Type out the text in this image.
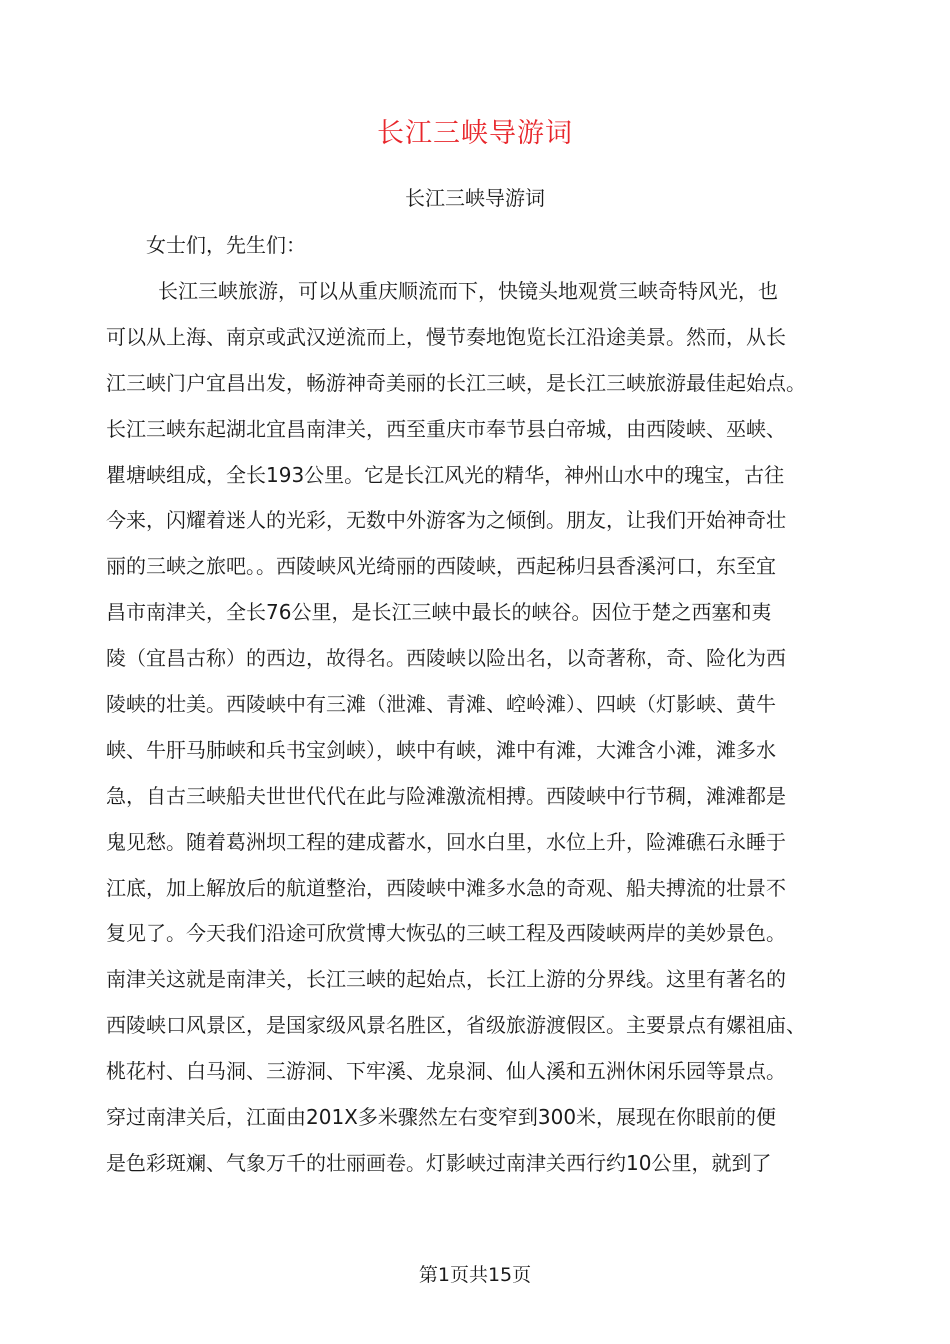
长江三峡导游词
长江三峡导游词
女士们，先生们：
长江三峡旅游，可以从重庆顺流而下，快镜头地观赏三峡奇特风光，也
可以从上海、南京或武汉逆流而上，慢节奏地饱览长江沿途美景。然而，从长
江三峡门户宜昌出发，畅游神奇美丽的长江三峡，是长江三峡旅游最佳起始点。
长江三峡东起湖北宜昌南津关，西至重庆市奉节县白帝城，由西陵峡、巫峡、
瞿塘峡组成，全长193公里。它是长江风光的精华，神州山水中的瑰宝，古往
今来，闪耀着迷人的光彩，无数中外游客为之倾倒。朋友，让我们开始神奇壮
丽的三峡之旅吧。。西陵峡风光绮丽的西陵峡，西起秭归县香溪河口，东至宜
昌市南津关，全长76公里，是长江三峡中最长的峡谷。因位于楚之西塞和夷
陵（宜昌古称）的西边，故得名。西陵峡以险出名，以奇著称，奇、险化为西
陵峡的壮美。西陵峡中有三滩（泄滩、青滩、崆岭滩）、四峡（灯影峡、黄牛
峡、牛肝马肺峡和兵书宝剑峡），峡中有峡，滩中有滩，大滩含小滩，滩多水
急，自古三峡船夫世世代代在此与险滩激流相搏。西陵峡中行节稠，滩滩都是
鬼见愁。随着葛洲坝工程的建成蓄水，回水白里，水位上升，险滩礁石永睡于
江底，加上解放后的航道整治，西陵峡中滩多水急的奇观、船夫搏流的壮景不
复见了。今天我们沿途可欣赏博大恢弘的三峡工程及西陵峡两岸的美妙景色。
南津关这就是南津关，长江三峡的起始点，长江上游的分界线。这里有著名的
西陵峡口风景区，是国家级风景名胜区，省级旅游渡假区。主要景点有嫘祖庙、
桃花村、白马洞、三游洞、下牢溪、龙泉洞、仙人溪和五洲休闲乐园等景点。
穿过南津关后，江面由201X多米骤然左右变窄到300米，展现在你眼前的便
是色彩斑斓、气象万千的壮丽画卷。灯影峡过南津关西行约10公里，就到了
第1页共15页
